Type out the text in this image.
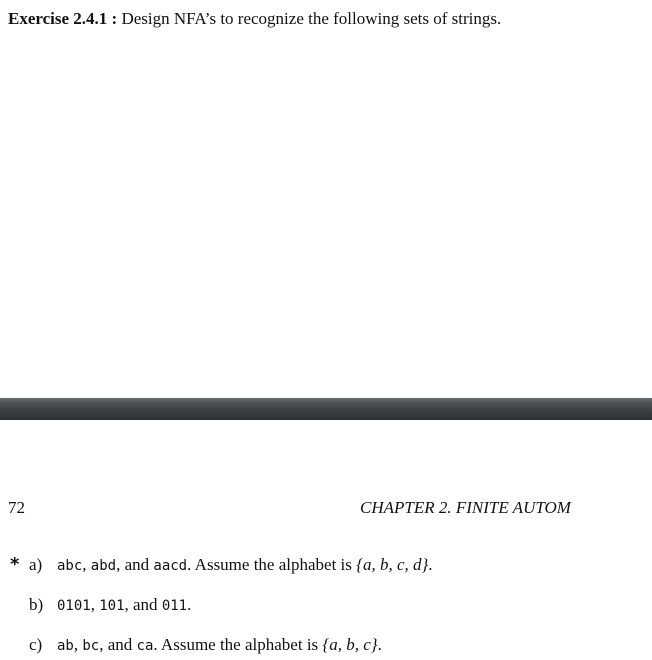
Exercise 2.4.1 : Design NFA’s to recognize the following sets of strings.
72	CHAPTER 2. FINITE AUTOM
* a) abc, abd, and aacd. Assume the alphabet is {a, b, c, d}.
b) 0101, 101, and 011.
c) ab, bc, and ca. Assume the alphabet is {a, b, c}.
